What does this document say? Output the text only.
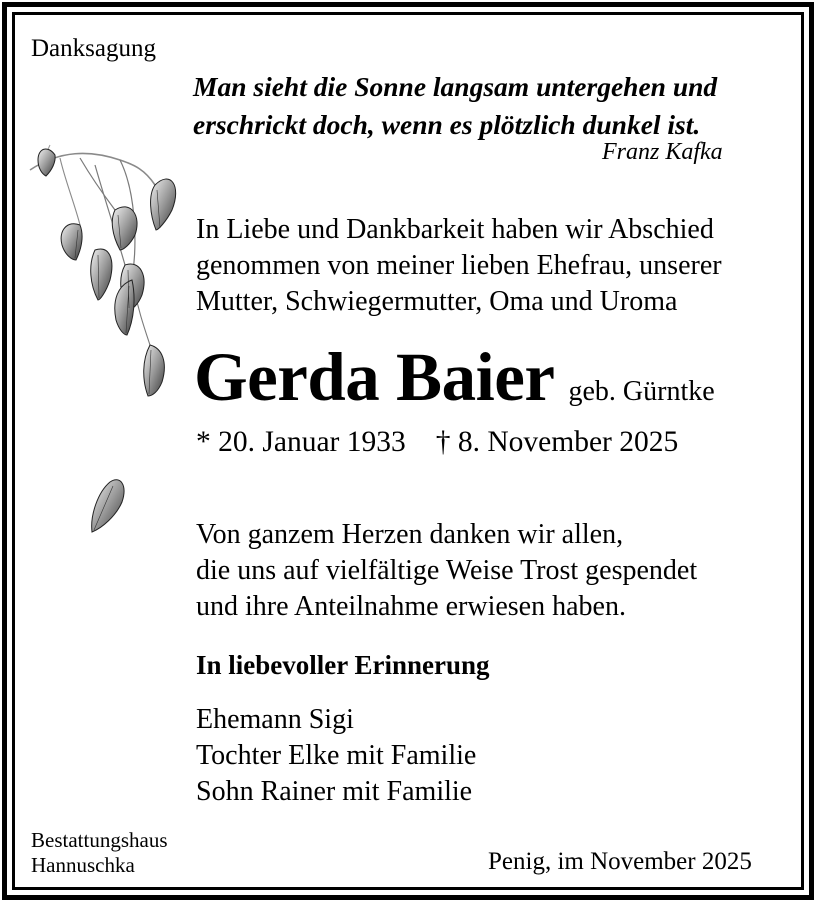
Danksagung
Man sieht die Sonne langsam untergehen und
erschrickt doch, wenn es plötzlich dunkel ist.
Franz Kafka
In Liebe und Dankbarkeit haben wir Abschied
genommen von meiner lieben Ehefrau, unserer
Mutter, Schwiegermutter, Oma und Uroma
Gerda Baier geb. Gürntke
* 20. Januar 1933 † 8. November 2025
Von ganzem Herzen danken wir allen,
die uns auf vielfältige Weise Trost gespendet
und ihre Anteilnahme erwiesen haben.
In liebevoller Erinnerung
Ehemann Sigi
Tochter Elke mit Familie
Sohn Rainer mit Familie
Bestattungshaus
Hannuschka	Penig, im November 2025
